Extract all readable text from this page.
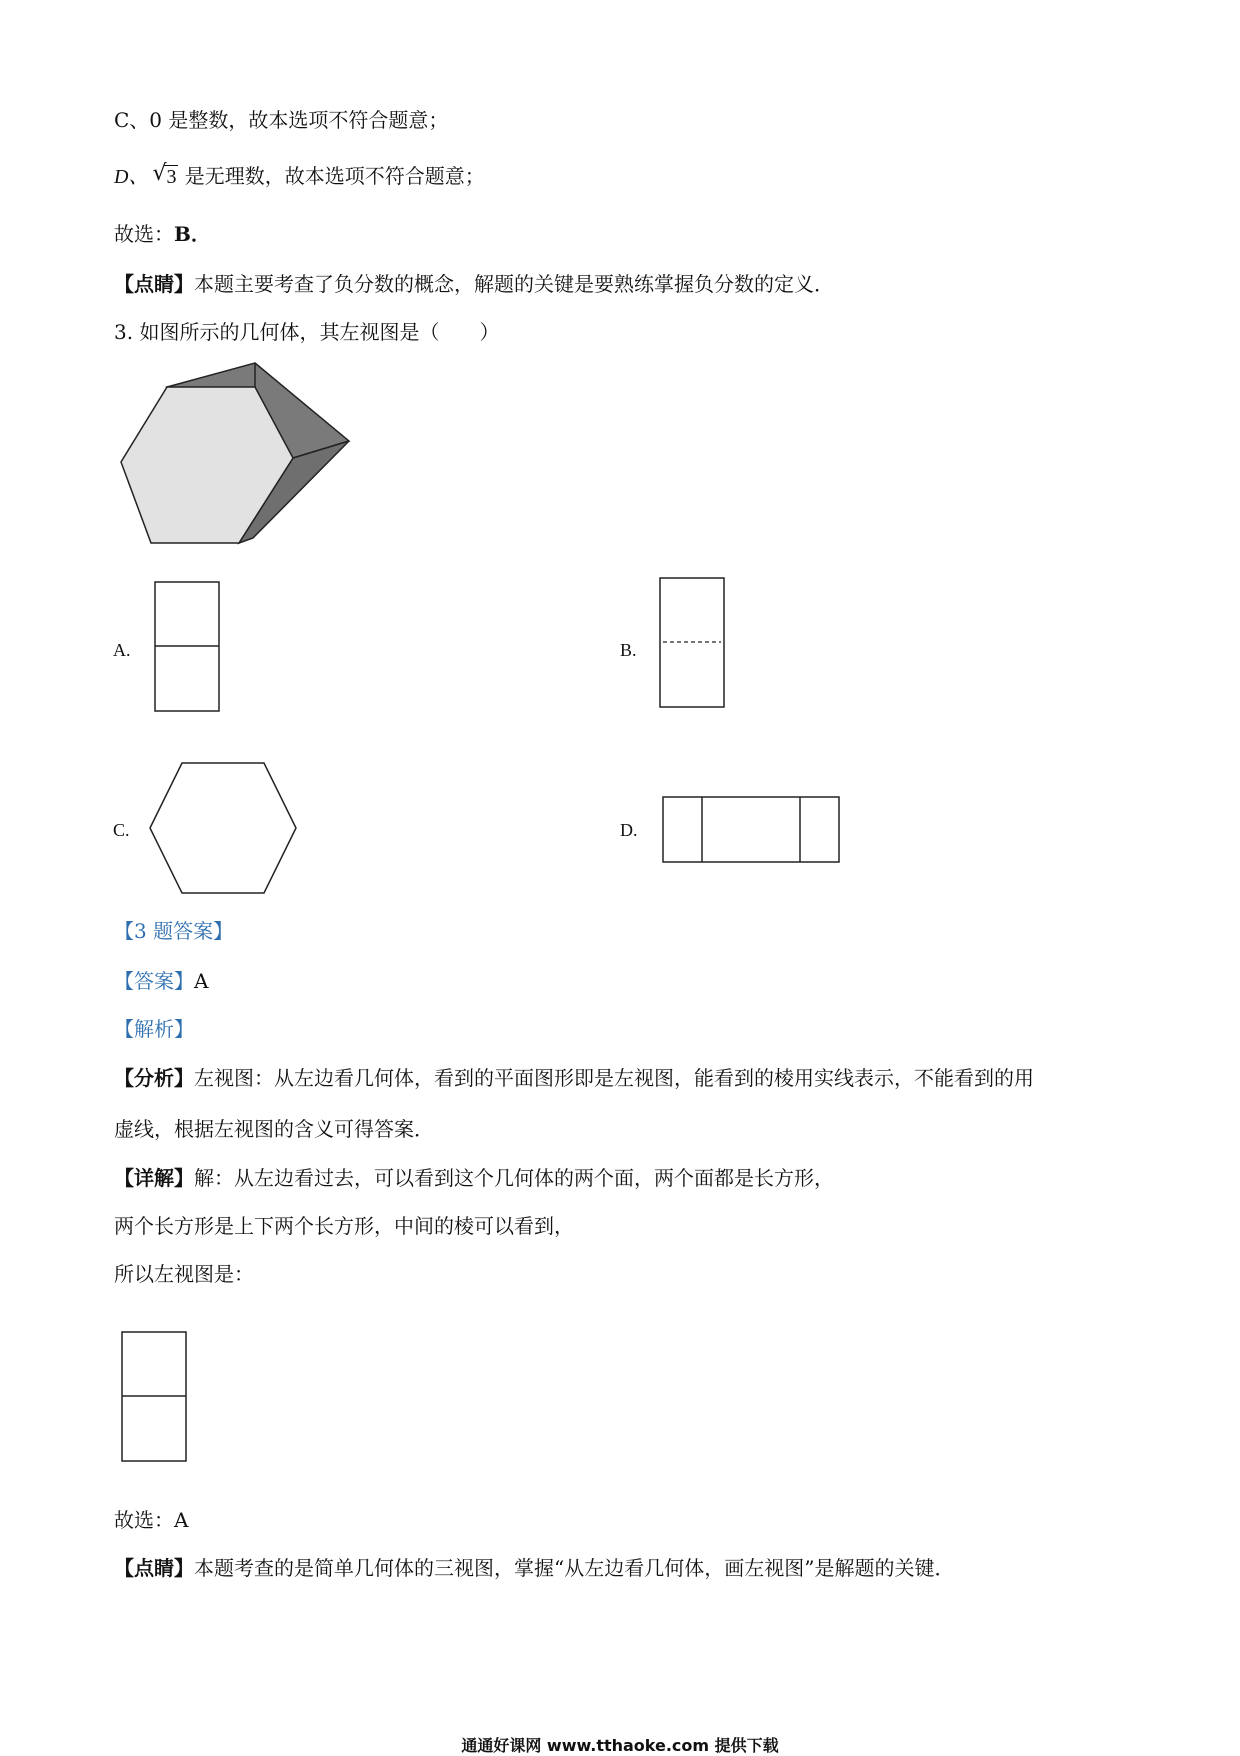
C、0 是整数，故本选项不符合题意；
D、 √ 3 是无理数，故本选项不符合题意；
故选：B．
【点睛】本题主要考查了负分数的概念，解题的关键是要熟练掌握负分数的定义．
3. 如图所示的几何体，其左视图是（　　）
A.	B.
C.	D.
【3 题答案】
【答案】A
【解析】
【分析】左视图：从左边看几何体，看到的平面图形即是左视图，能看到的棱用实线表示，不能看到的用
虚线，根据左视图的含义可得答案．
【详解】解：从左边看过去，可以看到这个几何体的两个面，两个面都是长方形，
两个长方形是上下两个长方形，中间的棱可以看到，
所以左视图是：
故选：A
【点睛】本题考查的是简单几何体的三视图，掌握“从左边看几何体，画左视图”是解题的关键．
通通好课网 www.tthaoke.com 提供下载
